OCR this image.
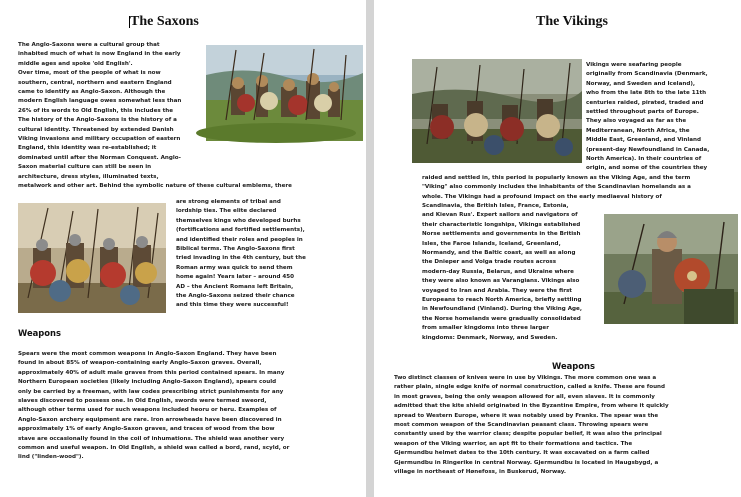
The Saxons
The Anglo-Saxons were a cultural group that
inhabited much of what is now England in the early
middle ages and spoke 'old English'.
Over time, most of the people of what is now
southern, central, northern and eastern England
came to identify as Anglo-Saxon. Although the
modern English language owes somewhat less than
26% of its words to Old English, this includes the
The history of the Anglo-Saxons is the history of a
cultural identity. Threatened by extended Danish
Viking invasions and military occupation of eastern
England, this identity was re-established; it
dominated until after the Norman Conquest. Anglo-
Saxon material culture can still be seen in
architecture, dress styles, illuminated texts,
metalwork and other art. Behind the symbolic nature of these cultural emblems, there
are strong elements of tribal and
lordship ties. The elite declared
themselves kings who developed burhs
(fortifications and fortified settlements),
and identified their roles and peoples in
Biblical terms. The Anglo-Saxons first
tried invading in the 4th century, but the
Roman army was quick to send them
home again! Years later – around 450
AD – the Ancient Romans left Britain,
the Anglo-Saxons seized their chance
and this time they were successful!
Weapons
Spears were the most common weapons in Anglo-Saxon England. They have been
found in about 85% of weapon-containing early Anglo-Saxon graves. Overall,
approximately 40% of adult male graves from this period contained spears. In many
Northern European societies (likely including Anglo-Saxon England), spears could
only be carried by a freeman, with law codes prescribing strict punishments for any
slaves discovered to possess one. In Old English, swords were termed sweord,
although other terms used for such weapons included heoru or heru. Examples of
Anglo-Saxon archery equipment are rare. Iron arrowheads have been discovered in
approximately 1% of early Anglo-Saxon graves, and traces of wood from the bow
stave are occasionally found in the coil of inhumations. The shield was another very
common and useful weapon. In Old English, a shield was called a bord, rand, scyld, or
lind ("linden-wood").
The Vikings
Vikings were seafaring people
originally from Scandinavia (Denmark,
Norway, and Sweden and Iceland),
who from the late 8th to the late 11th
centuries raided, pirated, traded and
settled throughout parts of Europe.
They also voyaged as far as the
Mediterranean, North Africa, the
Middle East, Greenland, and Vinland
(present-day Newfoundland in Canada,
North America). In their countries of
origin, and some of the countries they
raided and settled in, this period is popularly known as the Viking Age, and the term
"Viking" also commonly includes the inhabitants of the Scandinavian homelands as a
whole. The Vikings had a profound impact on the early mediaeval history of
Scandinavia, the British Isles, France, Estonia,
and Kievan Rus'. Expert sailors and navigators of
their characteristic longships, Vikings established
Norse settlements and governments in the British
Isles, the Faroe Islands, Iceland, Greenland,
Normandy, and the Baltic coast, as well as along
the Dnieper and Volga trade routes across
modern-day Russia, Belarus, and Ukraine where
they were also known as Varangians. Vikings also
voyaged to Iran and Arabia. They were the first
Europeans to reach North America, briefly settling
in Newfoundland (Vinland). During the Viking Age,
the Norse homelands were gradually consolidated
from smaller kingdoms into three larger
kingdoms: Denmark, Norway, and Sweden.
Weapons
Two distinct classes of knives were in use by Vikings. The more common one was a
rather plain, single edge knife of normal construction, called a knife. These are found
in most graves, being the only weapon allowed for all, even slaves. It is commonly
admitted that the kite shield originated in the Byzantine Empire, from where it quickly
spread to Western Europe, where it was notably used by Franks. The spear was the
most common weapon of the Scandinavian peasant class. Throwing spears were
constantly used by the warrior class; despite popular belief, it was also the principal
weapon of the Viking warrior, an apt fit to their formations and tactics. The
Gjermundbu helmet dates to the 10th century. It was excavated on a farm called
Gjermundbu in Ringerike in central Norway. Gjermundbu is located in Haugsbygd, a
village in northeast of Hønefoss, in Buskerud, Norway.
